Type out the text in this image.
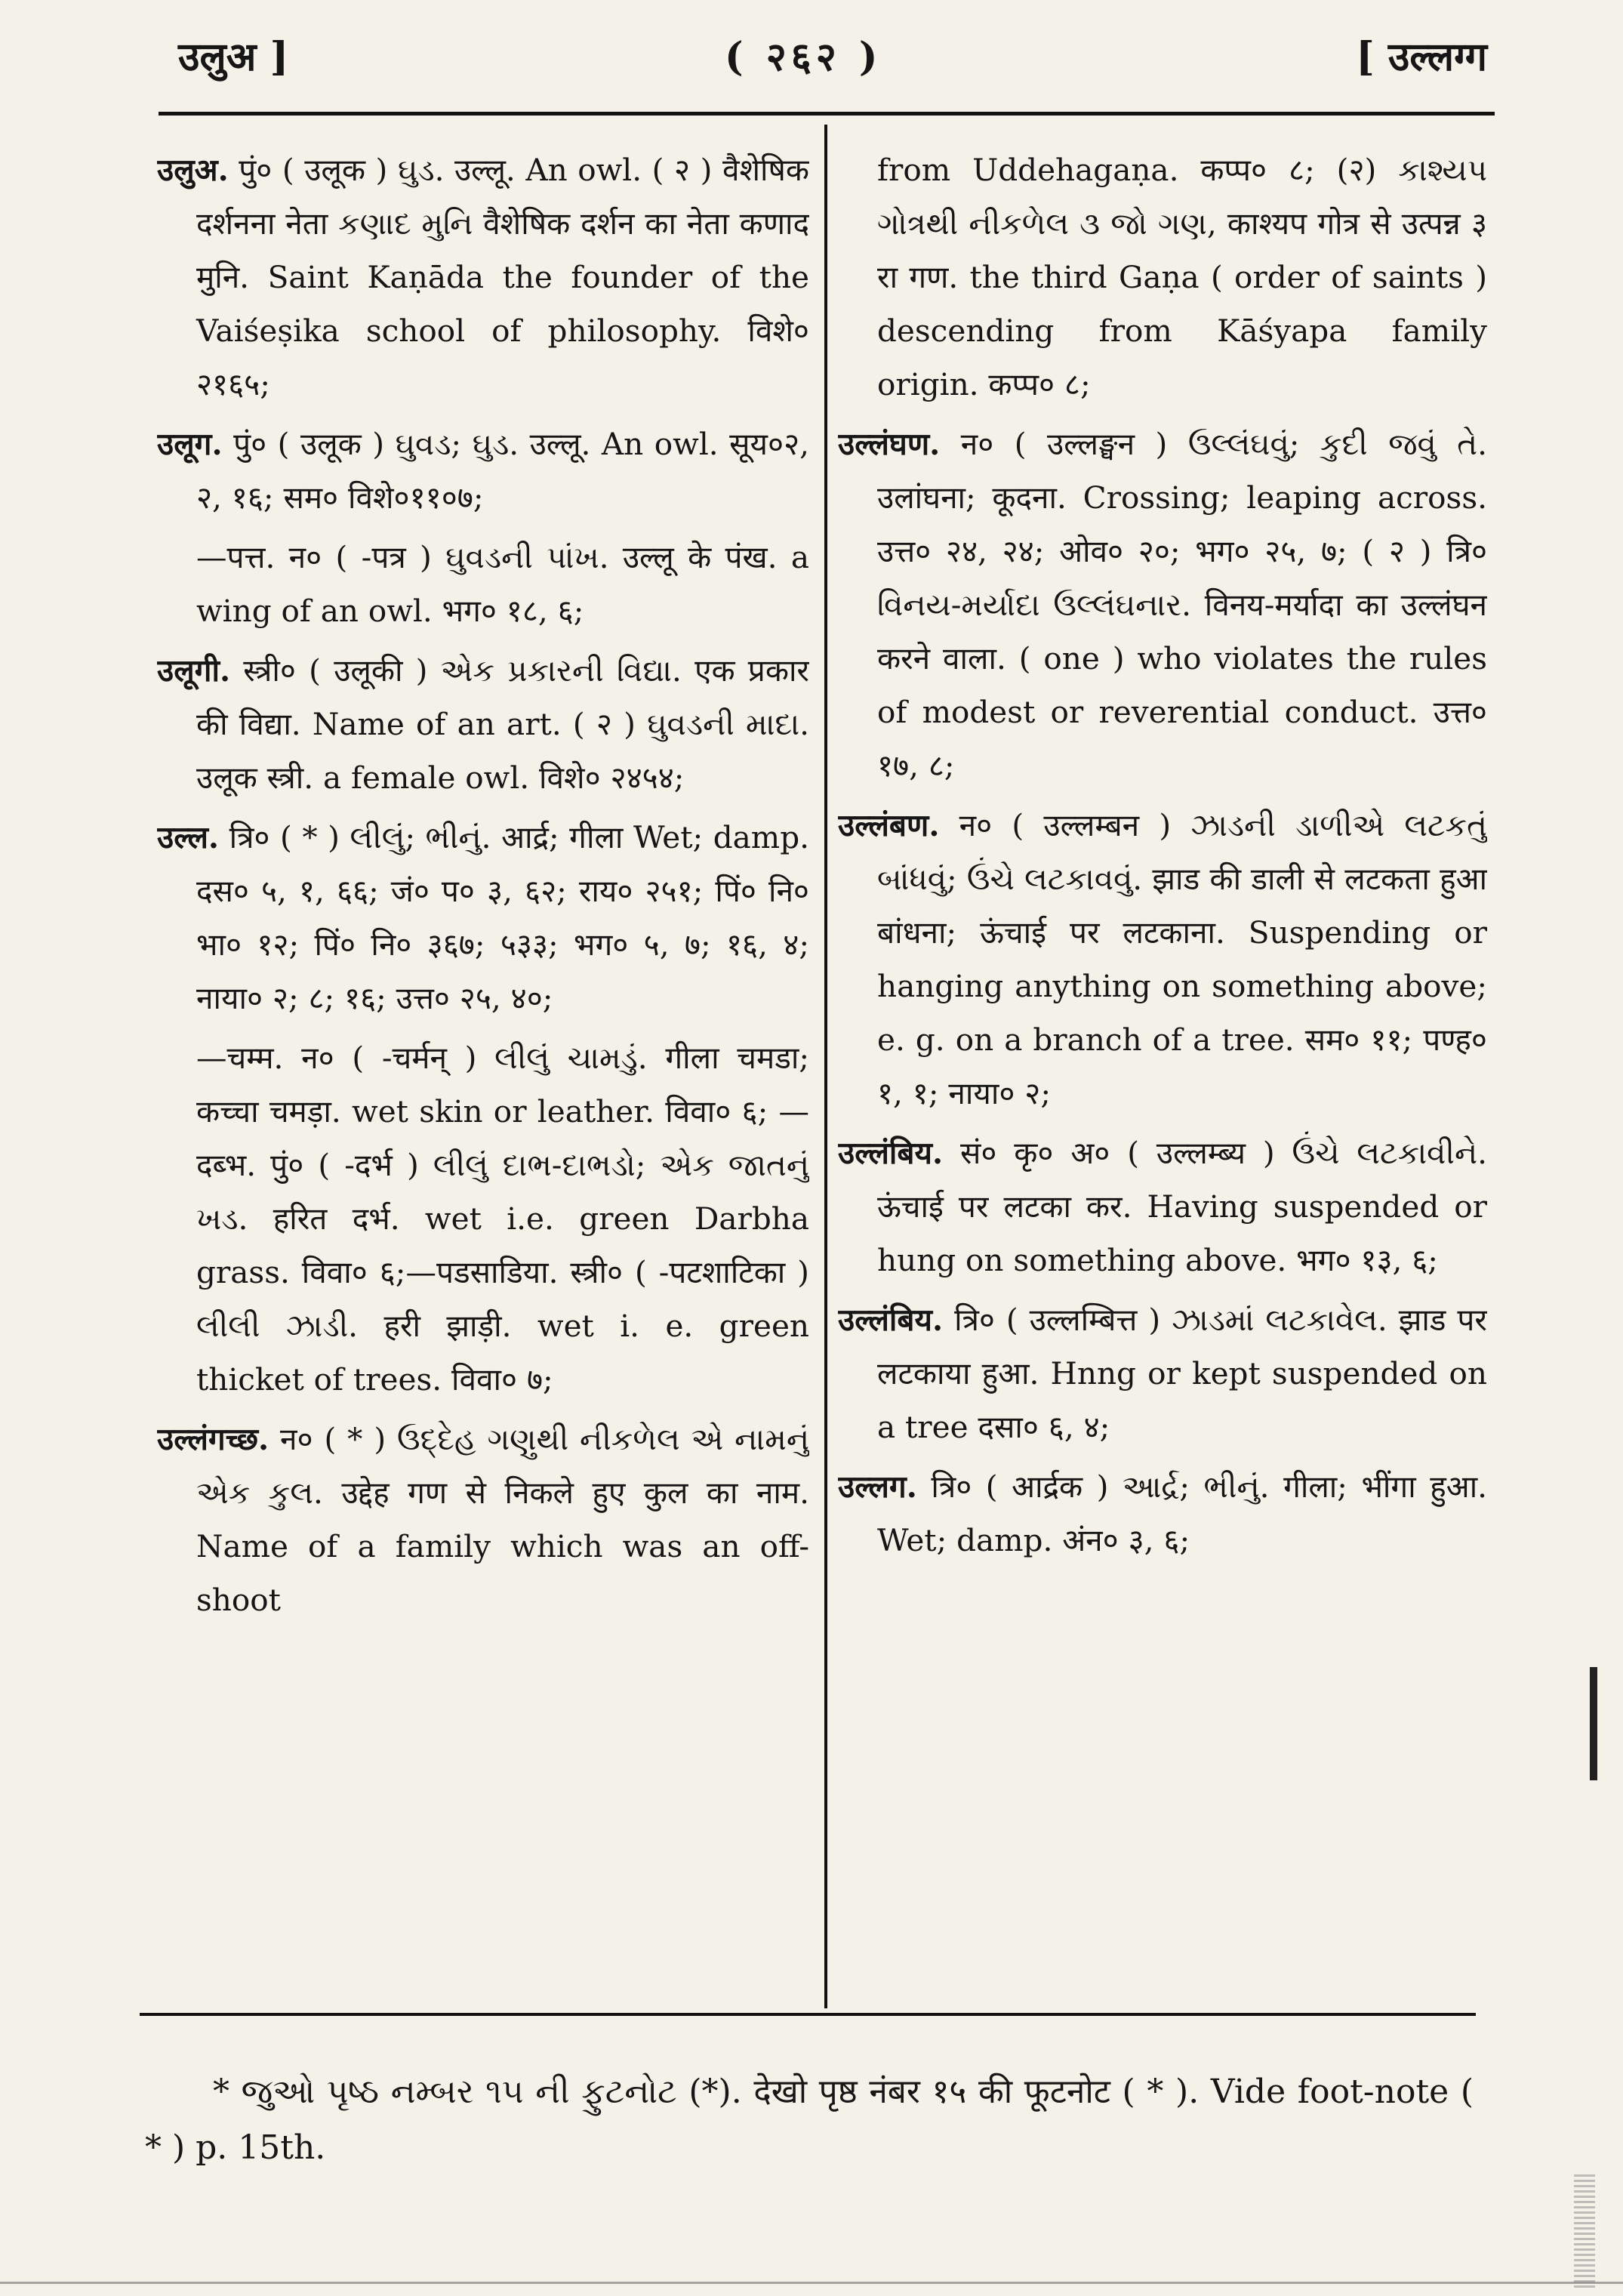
उलुअ ]	( २६२ )	[ उल्लग्ग

उलुअ. पुं० ( उलूक ) ઘુડ. उल्लू. An owl. ( २ ) वैशेषिक दर्शनना नेता કણાદ મુનિ वैशेषिक दर्शन का नेता कणाद मुनि. Saint Kaṇāda the founder of the Vaiśeṣika school of philosophy. विशे० २१६५;

उलूग. पुं० ( उलूक ) ઘુવડ; ઘુડ. उल्लू. An owl. सूय०२, २, १६; सम० विशे०११०७;

—पत्त. न० ( -पत्र ) ઘુવડની પાંખ. उल्लू के पंख. a wing of an owl. भग० १८, ६;

उलूगी. स्त्री० ( उलूकी ) એક પ્રકારની વિદ્યા. एक प्रकार की विद्या. Name of an art. ( २ ) ઘુવડની માદા. उलूक स्त्री. a female owl. विशे० २४५४;

उल्ल. त्रि० ( * ) લીલું; ભીનું. आर्द्र; गीला Wet; damp. दस० ५, १, ६६; जं० प० ३, ६२; राय० २५१; पिं० नि० भा० १२; पिं० नि० ३६७; ५३३; भग० ५, ७; १६, ४; नाया० २; ८; १६; उत्त० २५, ४०;

—चम्म. न० ( -चर्मन् ) લીલું ચામડું. गीला चमडा; कच्चा चमड़ा. wet skin or leather. विवा० ६; —दब्भ. पुं० ( -दर्भ ) લીલું દાભ-દાભડો; એક જાતનું ખડ. हरित दर्भ. wet i.e. green Darbha grass. विवा० ६;—पडसाडिया. स्त्री० ( -पटशाटिका ) લીલી ઝાડી. हरी झाड़ी. wet i. e. green thicket of trees. विवा० ७;

उल्लंगच्छ. न० ( * ) ઉદ્દેહ ગણુથી નીકળેલ એ નામનું એક કુલ. उद्देह गण से निकले हुए कुल का नाम. Name of a family which was an off-shoot

from Uddehagaṇa. कप्प० ८; (२) કાશ્યપ ગોત્રથી નીકળેલ ૩ જો ગણ, काश्यप गोत्र से उत्पन्न ३ रा गण. the third Gaṇa ( order of saints ) descending from Kāśyapa family origin. कप्प० ८;

उल्लंघण. न० ( उल्लङ्घन ) ઉલ્લંઘવું; કુદી જવું તે. उलांघना; कूदना. Crossing; leaping across. उत्त० २४, २४; ओव० २०; भग० २५, ७; ( २ ) त्रि० વિનય-મર્યાદા ઉલ્લંઘનાર. विनय-मर्यादा का उल्लंघन करने वाला. ( one ) who violates the rules of modest or reverential conduct. उत्त० १७, ८;

उल्लंबण. न० ( उल्लम्बन ) ઝાડની ડાળીએ લટકતું બાંધવું; ઉંચે લટકાવવું. झाड की डाली से लटकता हुआ बांधना; ऊंचाई पर लटकाना. Suspending or hanging anything on something above; e. g. on a branch of a tree. सम० ११; पण्ह० १, १; नाया० २;

उल्लंबिय. सं० कृ० अ० ( उल्लम्ब्य ) ઉંચે લટકાવીને. ऊंचाई पर लटका कर. Having suspended or hung on something above. भग० १३, ६;

उल्लंबिय. त्रि० ( उल्लम्बित्त ) ઝાડમાં લટકાવેલ. झाड पर लटकाया हुआ. Hnng or kept suspended on a tree दसा० ६, ४;

उल्लग. त्रि० ( आर्द्रक ) આર્દ્ર; ભીનું. गीला; भींगा हुआ. Wet; damp. अंन० ३, ६;

* જુઓ પૃષ્ઠ નમ્બર ૧૫ ની ફુટનોટ (*). देखो पृष्ठ नंबर १५ की फूटनोट ( * ). Vide foot-note ( * ) p. 15th.
